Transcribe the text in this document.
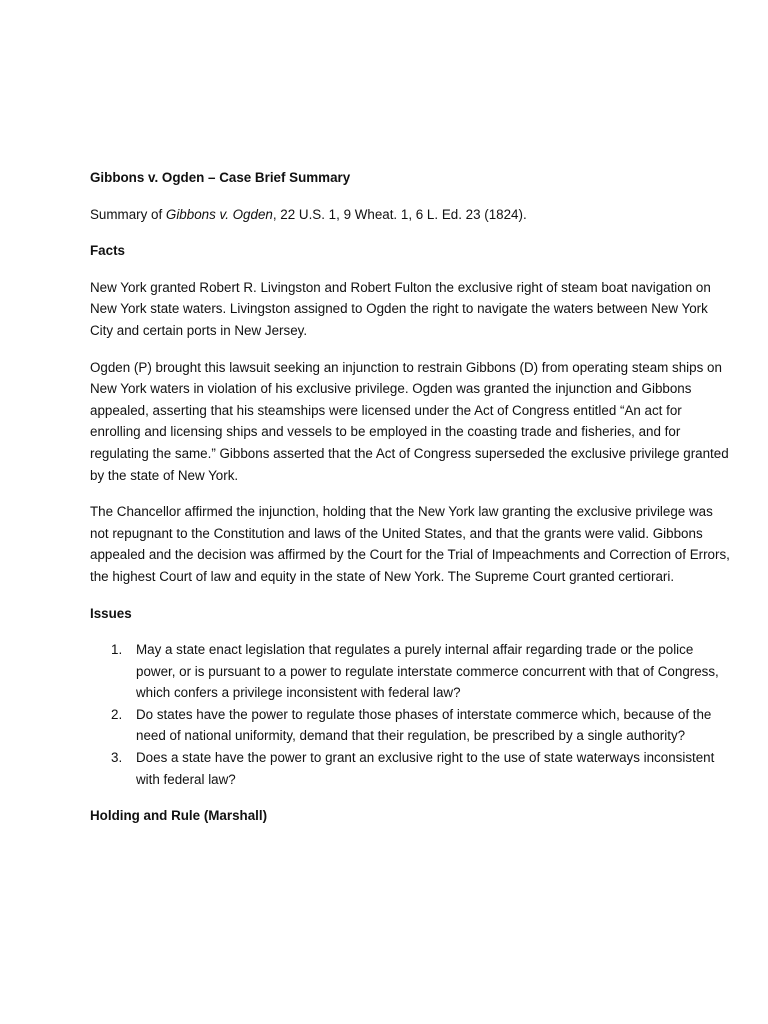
Gibbons v. Ogden – Case Brief Summary

Summary of Gibbons v. Ogden, 22 U.S. 1, 9 Wheat. 1, 6 L. Ed. 23 (1824).

Facts

New York granted Robert R. Livingston and Robert Fulton the exclusive right of steam boat navigation on New York state waters. Livingston assigned to Ogden the right to navigate the waters between New York City and certain ports in New Jersey.

Ogden (P) brought this lawsuit seeking an injunction to restrain Gibbons (D) from operating steam ships on New York waters in violation of his exclusive privilege. Ogden was granted the injunction and Gibbons appealed, asserting that his steamships were licensed under the Act of Congress entitled “An act for enrolling and licensing ships and vessels to be employed in the coasting trade and fisheries, and for regulating the same.” Gibbons asserted that the Act of Congress superseded the exclusive privilege granted by the state of New York.

The Chancellor affirmed the injunction, holding that the New York law granting the exclusive privilege was not repugnant to the Constitution and laws of the United States, and that the grants were valid. Gibbons appealed and the decision was affirmed by the Court for the Trial of Impeachments and Correction of Errors, the highest Court of law and equity in the state of New York. The Supreme Court granted certiorari.

Issues

1. May a state enact legislation that regulates a purely internal affair regarding trade or the police power, or is pursuant to a power to regulate interstate commerce concurrent with that of Congress, which confers a privilege inconsistent with federal law?
2. Do states have the power to regulate those phases of interstate commerce which, because of the need of national uniformity, demand that their regulation, be prescribed by a single authority?
3. Does a state have the power to grant an exclusive right to the use of state waterways inconsistent with federal law?

Holding and Rule (Marshall)
